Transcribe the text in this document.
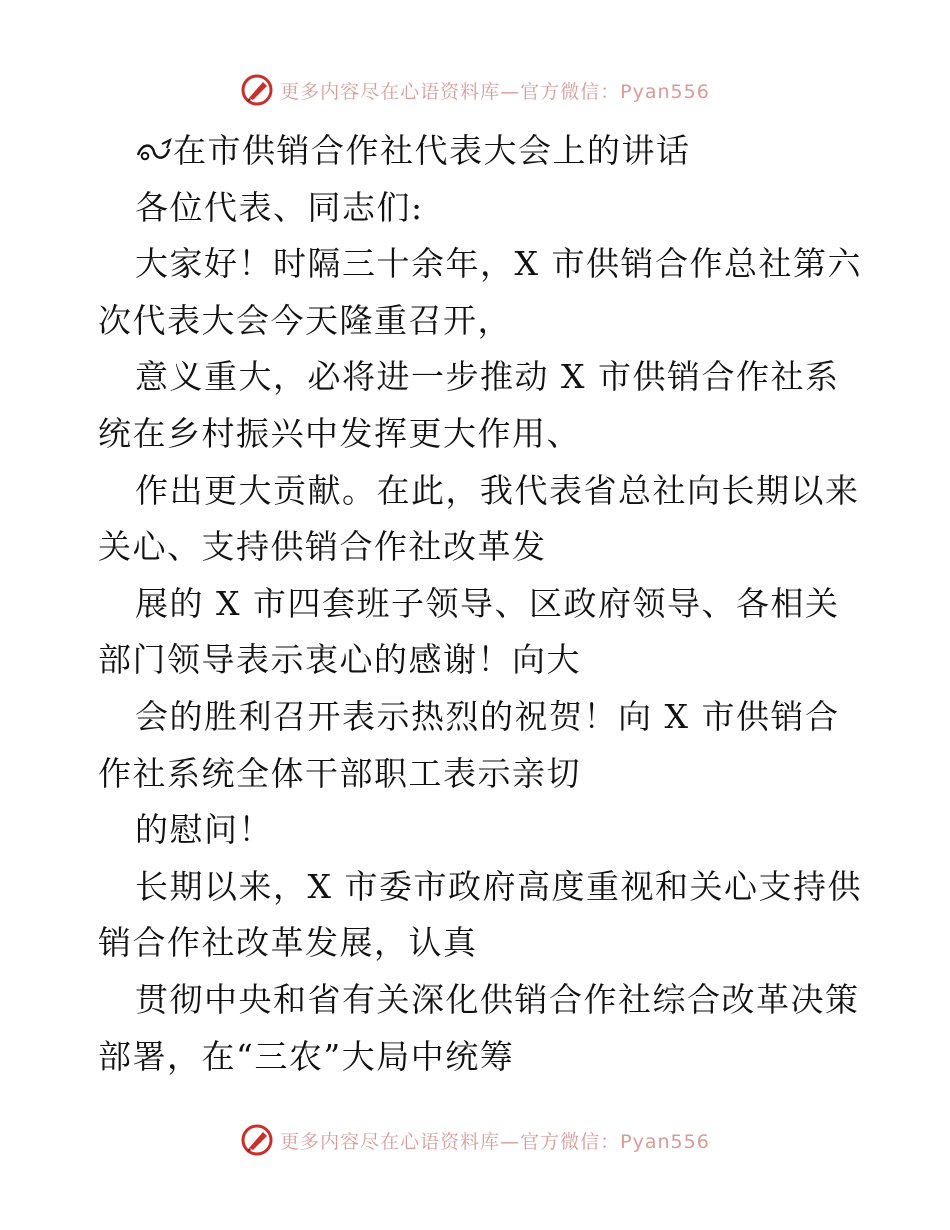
更多内容尽在心语资料库—官方微信：Pyan556
在市供销合作社代表大会上的讲话
各位代表、同志们:
大家好！时隔三十余年，X 市供销合作总社第六
次代表大会今天隆重召开，
意义重大，必将进一步推动 X 市供销合作社系
统在乡村振兴中发挥更大作用、
作出更大贡献。在此，我代表省总社向长期以来
关心、支持供销合作社改革发
展的 X 市四套班子领导、区政府领导、各相关
部门领导表示衷心的感谢！向大
会的胜利召开表示热烈的祝贺！向 X 市供销合
作社系统全体干部职工表示亲切
的慰问！
长期以来，X 市委市政府高度重视和关心支持供
销合作社改革发展，认真
贯彻中央和省有关深化供销合作社综合改革决策
部署，在“三农”大局中统筹
更多内容尽在心语资料库—官方微信：Pyan556
